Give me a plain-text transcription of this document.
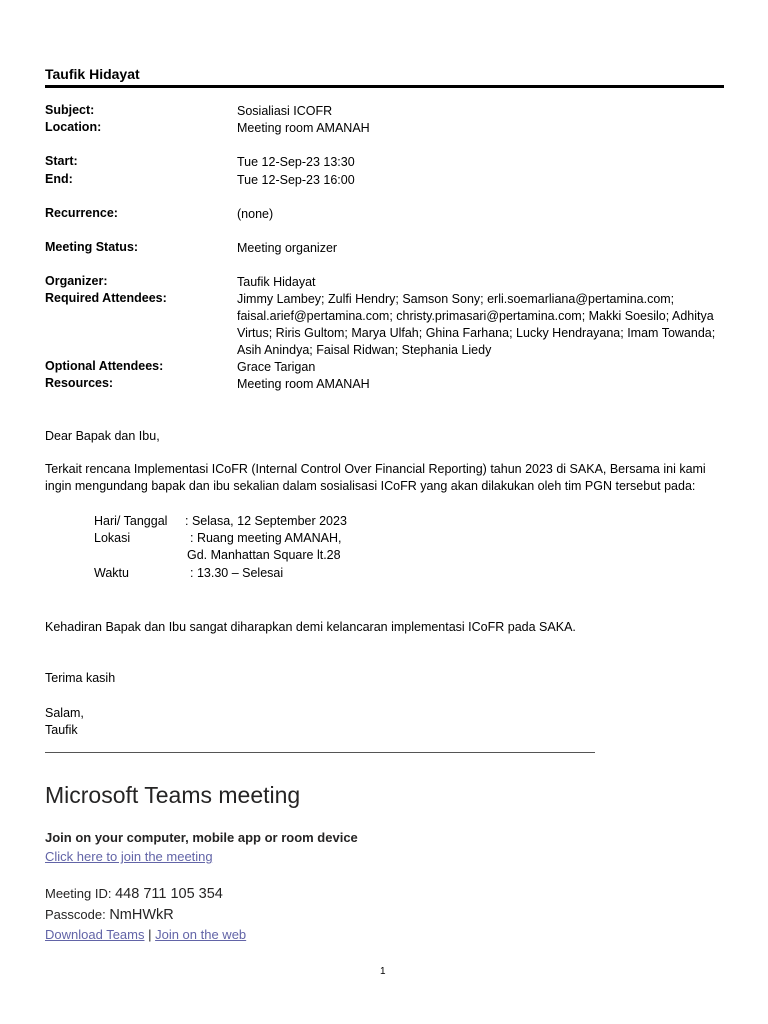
Taufik Hidayat
Subject:	Sosialiasi ICOFR
Location:	Meeting room AMANAH
Start:	Tue 12-Sep-23 13:30
End:	Tue 12-Sep-23 16:00
Recurrence:	(none)
Meeting Status:	Meeting organizer
Organizer:	Taufik Hidayat
Required Attendees:	Jimmy Lambey; Zulfi Hendry; Samson Sony; erli.soemarliana@pertamina.com; faisal.arief@pertamina.com; christy.primasari@pertamina.com; Makki Soesilo; Adhitya Virtus; Riris Gultom; Marya Ulfah; Ghina Farhana; Lucky Hendrayana; Imam Towanda; Asih Anindya; Faisal Ridwan; Stephania Liedy
Optional Attendees:	Grace Tarigan
Resources:	Meeting room AMANAH
Dear Bapak dan Ibu,
Terkait rencana Implementasi ICoFR (Internal Control Over Financial Reporting) tahun 2023 di SAKA, Bersama ini kami ingin mengundang bapak dan ibu sekalian dalam sosialisasi ICoFR yang akan dilakukan oleh tim PGN tersebut pada:
Hari/ Tanggal : Selasa, 12 September 2023
Lokasi	: Ruang meeting AMANAH,
Gd. Manhattan Square lt.28
Waktu	: 13.30 – Selesai
Kehadiran Bapak dan Ibu sangat diharapkan demi kelancaran implementasi ICoFR pada SAKA.
Terima kasih
Salam,
Taufik
Microsoft Teams meeting
Join on your computer, mobile app or room device
Click here to join the meeting
Meeting ID: 448 711 105 354
Passcode: NmHWkR
Download Teams | Join on the web
1
